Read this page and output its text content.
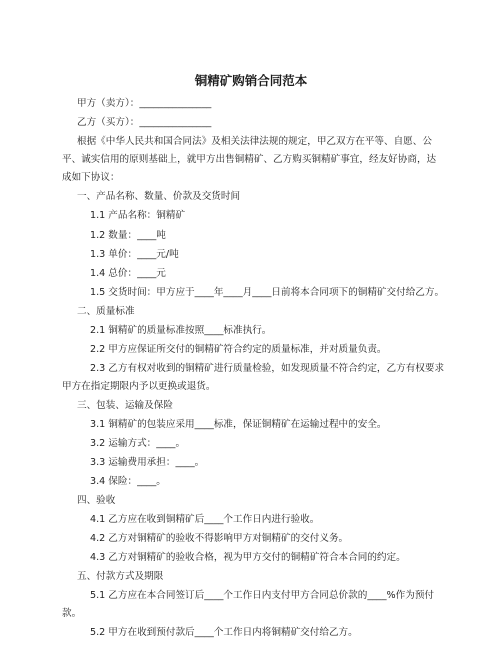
铜精矿购销合同范本
甲方（卖方）：_______________
乙方（买方）：_______________
根据《中华人民共和国合同法》及相关法律法规的规定，甲乙双方在平等、自愿、公
平、诚实信用的原则基础上，就甲方出售铜精矿、乙方购买铜精矿事宜，经友好协商，达
成如下协议：
一、产品名称、数量、价款及交货时间
1.1 产品名称：铜精矿
1.2 数量：____吨
1.3 单价：____元/吨
1.4 总价：____元
1.5 交货时间：甲方应于____年____月____日前将本合同项下的铜精矿交付给乙方。
二、质量标准
2.1 铜精矿的质量标准按照____标准执行。
2.2 甲方应保证所交付的铜精矿符合约定的质量标准，并对质量负责。
2.3 乙方有权对收到的铜精矿进行质量检验，如发现质量不符合约定，乙方有权要求
甲方在指定期限内予以更换或退货。
三、包装、运输及保险
3.1 铜精矿的包装应采用____标准，保证铜精矿在运输过程中的安全。
3.2 运输方式：____。
3.3 运输费用承担：____。
3.4 保险：____。
四、验收
4.1 乙方应在收到铜精矿后____个工作日内进行验收。
4.2 乙方对铜精矿的验收不得影响甲方对铜精矿的交付义务。
4.3 乙方对铜精矿的验收合格，视为甲方交付的铜精矿符合本合同的约定。
五、付款方式及期限
5.1 乙方应在本合同签订后____个工作日内支付甲方合同总价款的____%作为预付
款。
5.2 甲方在收到预付款后____个工作日内将铜精矿交付给乙方。
